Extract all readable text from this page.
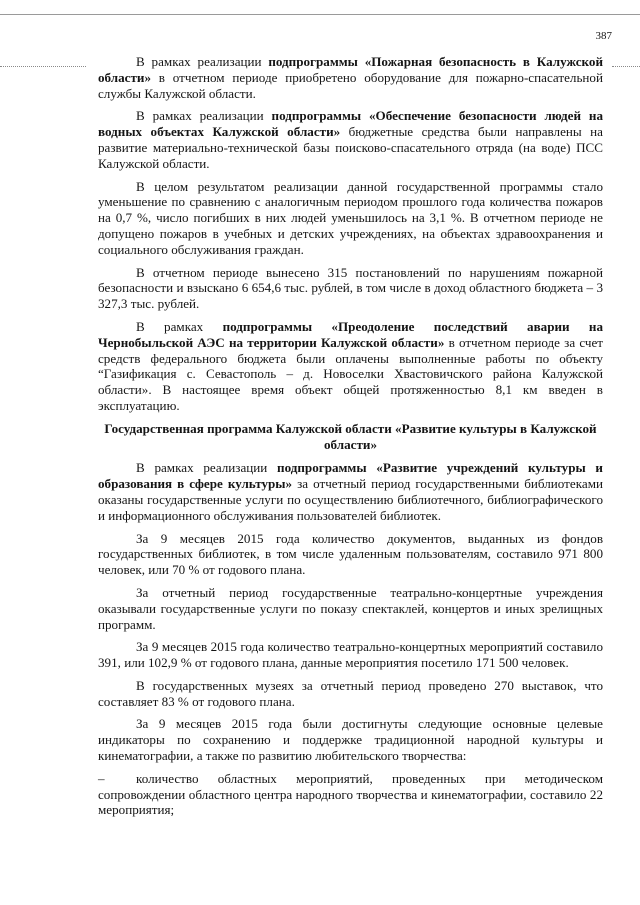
387

В рамках реализации подпрограммы «Пожарная безопасность в Калужской области» в отчетном периоде приобретено оборудование для пожарно-спасательной службы Калужской области.

В рамках реализации подпрограммы «Обеспечение безопасности людей на водных объектах Калужской области» бюджетные средства были направлены на развитие материально-технической базы поисково-спасательного отряда (на воде) ПСС Калужской области.

В целом результатом реализации данной государственной программы стало уменьшение по сравнению с аналогичным периодом прошлого года количества пожаров на 0,7 %, число погибших в них людей уменьшилось на 3,1 %. В отчетном периоде не допущено пожаров в учебных и детских учреждениях, на объектах здравоохранения и социального обслуживания граждан.

В отчетном периоде вынесено 315 постановлений по нарушениям пожарной безопасности и взыскано 6 654,6 тыс. рублей, в том числе в доход областного бюджета – 3 327,3 тыс. рублей.

В рамках подпрограммы «Преодоление последствий аварии на Чернобыльской АЭС на территории Калужской области» в отчетном периоде за счет средств федерального бюджета были оплачены выполненные работы по объекту “Газификация с. Севастополь – д. Новоселки Хвастовичского района Калужской области». В настоящее время объект общей протяженностью 8,1 км введен в эксплуатацию.

Государственная программа Калужской области «Развитие культуры в Калужской области»

В рамках реализации подпрограммы «Развитие учреждений культуры и образования в сфере культуры» за отчетный период государственными библиотеками оказаны государственные услуги по осуществлению библиотечного, библиографического и информационного обслуживания пользователей библиотек.

За 9 месяцев 2015 года количество документов, выданных из фондов государственных библиотек, в том числе удаленным пользователям, составило 971 800 человек, или 70 % от годового плана.

За отчетный период государственные театрально-концертные учреждения оказывали государственные услуги по показу спектаклей, концертов и иных зрелищных программ.

За 9 месяцев 2015 года количество театрально-концертных мероприятий составило 391, или 102,9 % от годового плана, данные мероприятия посетило 171 500 человек.

В государственных музеях за отчетный период проведено 270 выставок, что составляет 83 % от годового плана.

За 9 месяцев 2015 года были достигнуты следующие основные целевые индикаторы по сохранению и поддержке традиционной народной культуры и кинематографии, а также по развитию любительского творчества:

– количество областных мероприятий, проведенных при методическом сопровождении областного центра народного творчества и кинематографии, составило 22 мероприятия;
